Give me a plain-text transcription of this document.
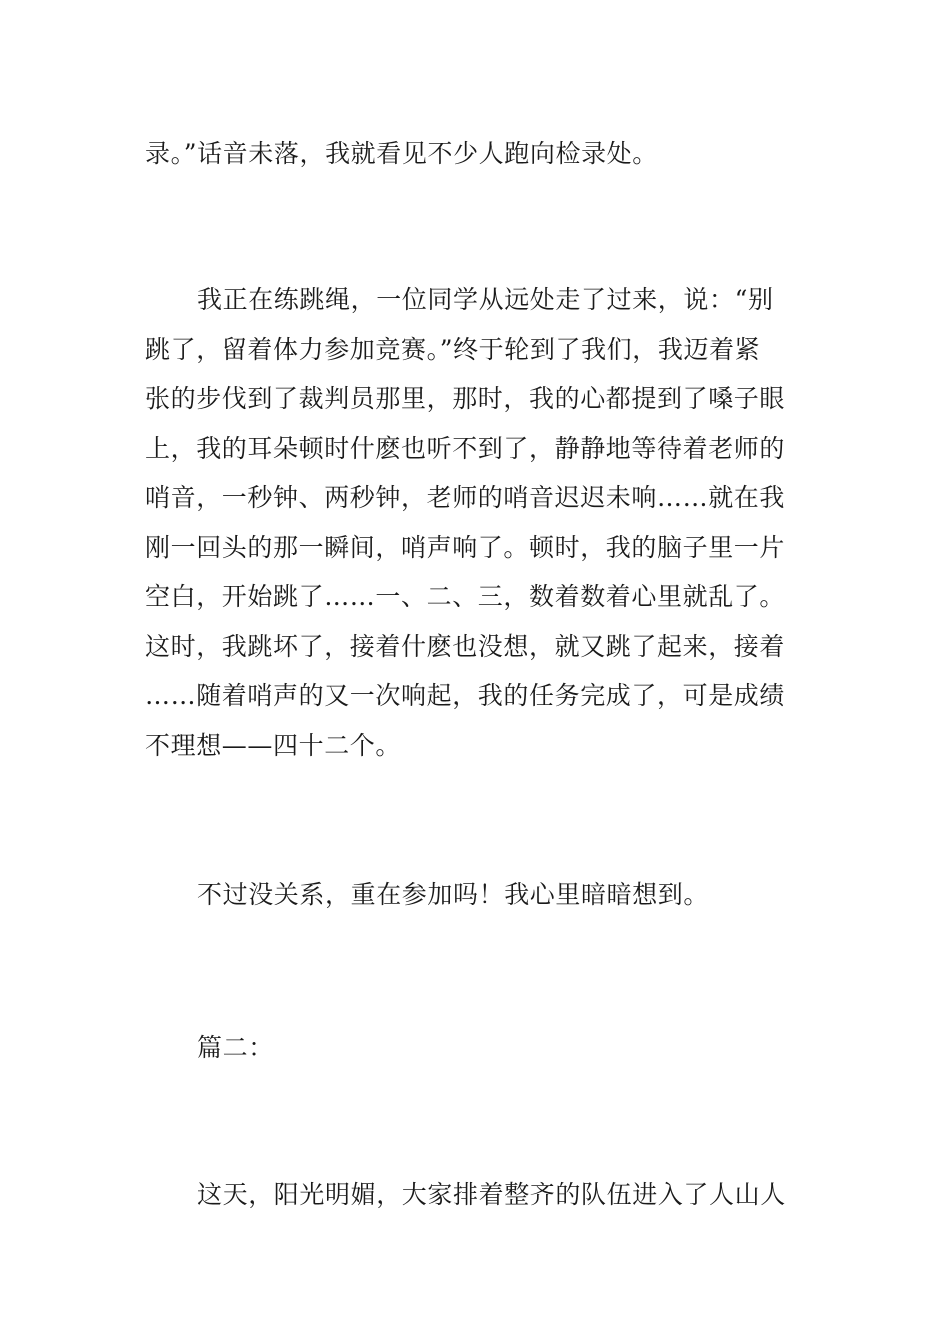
录。”话音未落，我就看见不少人跑向检录处。
我正在练跳绳，一位同学从远处走了过来，说：“别
跳了，留着体力参加竞赛。”终于轮到了我们，我迈着紧
张的步伐到了裁判员那里，那时，我的心都提到了嗓子眼
上，我的耳朵顿时什麽也听不到了，静静地等待着老师的
哨音，一秒钟、两秒钟，老师的哨音迟迟未响……就在我
刚一回头的那一瞬间，哨声响了。顿时，我的脑子里一片
空白，开始跳了……一、二、三，数着数着心里就乱了。
这时，我跳坏了，接着什麽也没想，就又跳了起来，接着
……随着哨声的又一次响起，我的任务完成了，可是成绩
不理想——四十二个。
不过没关系，重在参加吗！我心里暗暗想到。
篇二：
这天，阳光明媚，大家排着整齐的队伍进入了人山人
